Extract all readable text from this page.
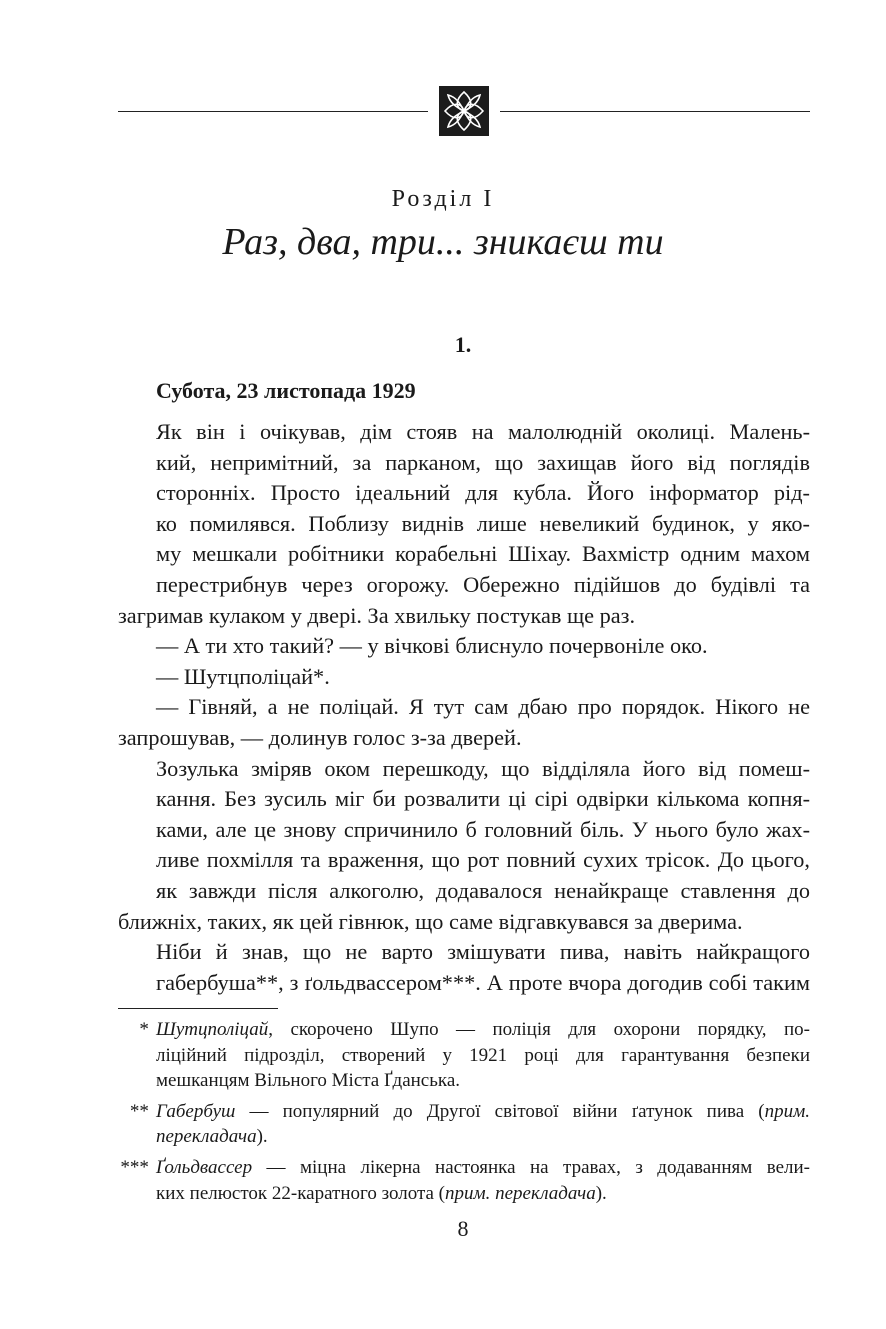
Розділ І
Раз, два, три... зникаєш ти
1.
Субота, 23 листопада 1929

Як він і очікував, дім стояв на малолюдній околиці. Малень-
кий, непримітний, за парканом, що захищав його від поглядів
сторонніх. Просто ідеальний для кубла. Його інформатор рід-
ко помилявся. Поблизу виднів лише невеликий будинок, у яко-
му мешкали робітники корабельні Шіхау. Вахмістр одним махом
перестрибнув через огорожу. Обережно підійшов до будівлі та
загримав кулаком у двері. За хвильку постукав ще раз.

— А ти хто такий? — у вічкові блиснуло почервоніле око.

— Шутцполіцай*.

— Гівняй, а не поліцай. Я тут сам дбаю про порядок. Нікого не
запрошував, — долинув голос з-за дверей.

Зозулька зміряв оком перешкоду, що відділяла його від помеш-
кання. Без зусиль міг би розвалити ці сірі одвірки кількома копня-
ками, але це знову спричинило б головний біль. У нього було жах-
ливе похмілля та враження, що рот повний сухих трісок. До цього,
як завжди після алкоголю, додавалося ненайкраще ставлення до
ближніх, таких, як цей гівнюк, що саме відгавкувався за дверима.

Ніби й знав, що не варто змішувати пива, навіть найкращого
габербуша**, з ґольдвассером***. А проте вчора догодив собі таким

* Шутцполіцай, скорочено Шупо — поліція для охорони порядку, по-
ліційний підрозділ, створений у 1921 році для гарантування безпеки
мешканцям Вільного Міста Ґданська.
** Габербуш — популярний до Другої світової війни ґатунок пива (прим.
перекладача).
*** Ґольдвассер — міцна лікерна настоянка на травах, з додаванням вели-
ких пелюсток 22-каратного золота (прим. перекладача).
8
